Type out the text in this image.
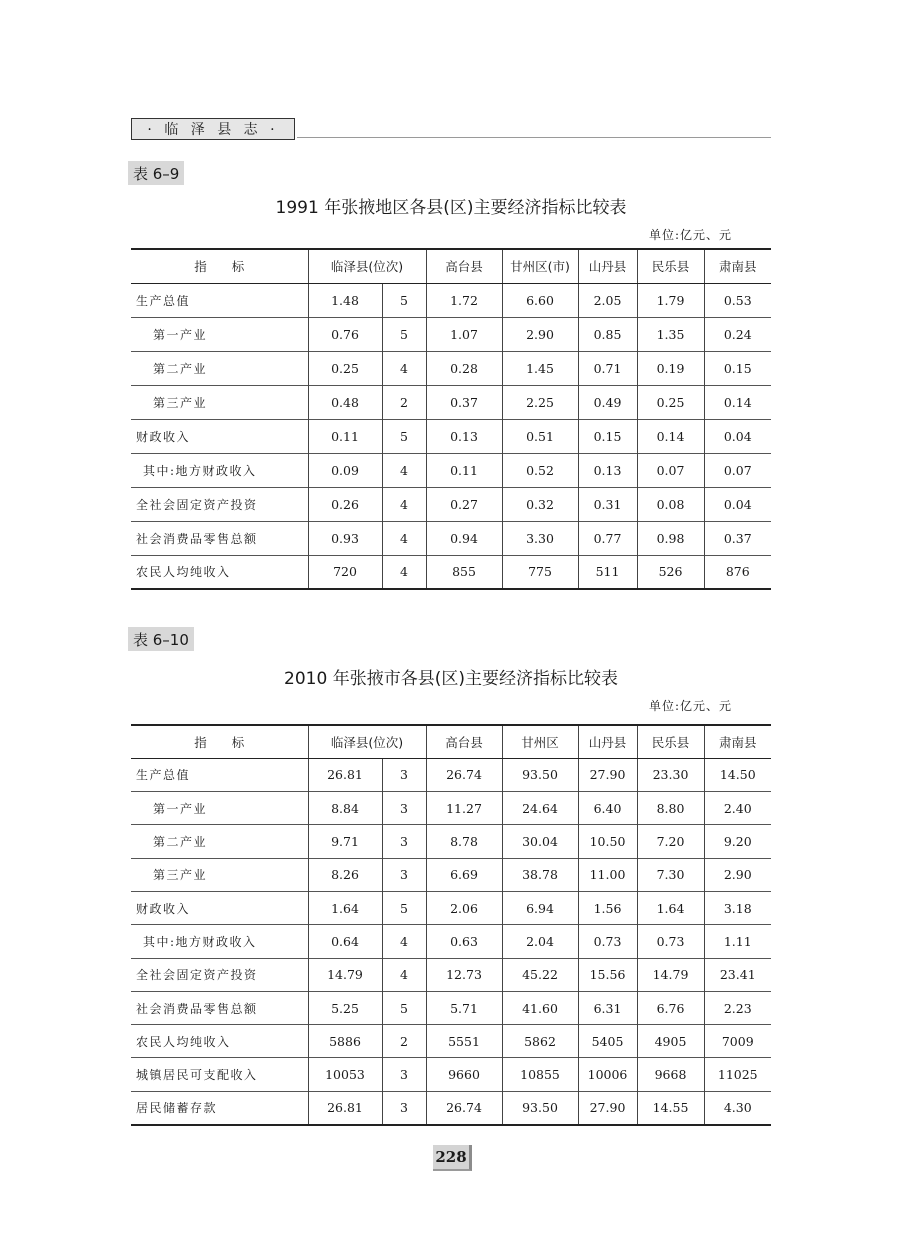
· 临 泽 县 志 ·
表 6–9
1991 年张掖地区各县(区)主要经济指标比较表
单位:亿元、元
指　　标	临泽县(位次)		高台县	甘州区(市)	山丹县	民乐县	肃南县
生产总值	1.48	5	1.72	6.60	2.05	1.79	0.53
第一产业	0.76	5	1.07	2.90	0.85	1.35	0.24
第二产业	0.25	4	0.28	1.45	0.71	0.19	0.15
第三产业	0.48	2	0.37	2.25	0.49	0.25	0.14
财政收入	0.11	5	0.13	0.51	0.15	0.14	0.04
其中:地方财政收入	0.09	4	0.11	0.52	0.13	0.07	0.07
全社会固定资产投资	0.26	4	0.27	0.32	0.31	0.08	0.04
社会消费品零售总额	0.93	4	0.94	3.30	0.77	0.98	0.37
农民人均纯收入	720	4	855	775	511	526	876
表 6–10
2010 年张掖市各县(区)主要经济指标比较表
单位:亿元、元
指　　标	临泽县(位次)		高台县	甘州区	山丹县	民乐县	肃南县
生产总值	26.81	3	26.74	93.50	27.90	23.30	14.50
第一产业	8.84	3	11.27	24.64	6.40	8.80	2.40
第二产业	9.71	3	8.78	30.04	10.50	7.20	9.20
第三产业	8.26	3	6.69	38.78	11.00	7.30	2.90
财政收入	1.64	5	2.06	6.94	1.56	1.64	3.18
其中:地方财政收入	0.64	4	0.63	2.04	0.73	0.73	1.11
全社会固定资产投资	14.79	4	12.73	45.22	15.56	14.79	23.41
社会消费品零售总额	5.25	5	5.71	41.60	6.31	6.76	2.23
农民人均纯收入	5886	2	5551	5862	5405	4905	7009
城镇居民可支配收入	10053	3	9660	10855	10006	9668	11025
居民储蓄存款	26.81	3	26.74	93.50	27.90	14.55	4.30
228
